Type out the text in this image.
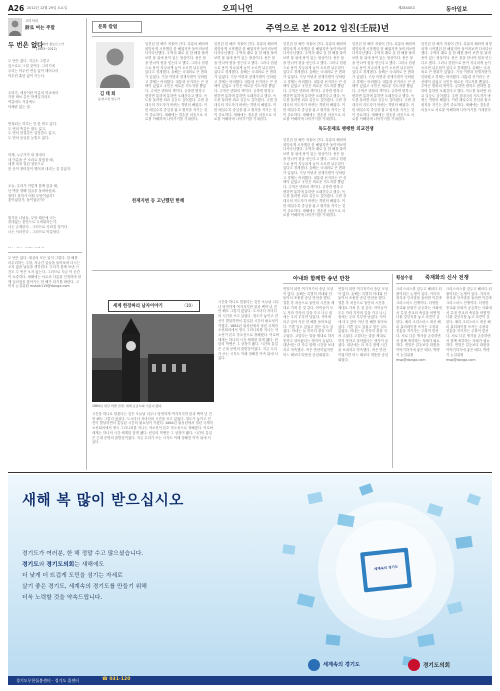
A26 2012년 12월 29일 토요일	오피니언	제28400호	동아일보
고미석의
詩로 여는 주말
두 번은 없다
비스와바 쉼보르스카(1923~2012)

두 번은 없다. 지금도 그렇고
앞으로도 그럴 것이다. 그러기에
우리는 아무런 연습 없이 태어나서
아무런 훈련 없이 죽는다.

우리가, 세상이란 이름의 학교에서
가장 바보 같은 학생일지라도
여름에도 겨울에도
낙제란 없는 법.

반복되는 하루는 단 한 번도 없다.
두 번의 똑같은 밤도 없고,
두 번의 한결같은 입맞춤도 없고,
두 번의 동일한 눈빛도 없다.

어제, 누군가가 내 곁에서
네 이름을 큰 소리로 불렀을 때,
내겐 마치 열린 창문으로
한 송이 장미꽃이 떨어져 내리는 것 같았지.

오늘, 우리가 이렇게 함께 있을 때,
난 벽을 향해 얼굴을 돌려버렸네.
장미? 장미가 어떤 모양이었지?
꽃이었던가, 돌이었던가?

힘겨운 나날들, 무엇 때문에 너는
쓸데없는 불안으로 두려워하는가.
너는 존재한다 - 그러므로 사라질 것이다
너는 사라진다 - 그러므로 아름답다

두 번은 없다. 세상의 모든 일이 그렇다. 한 해를 마무리하는 주말, 지나간 일들을 돌아보며 다시는 오지 않을 날들을 생각한다. 우리가 함께 보낸 시간도 두 번은 오지 않는다. 그러므로 지금 이 순간이 소중하다. 새해에는 서로의 다름을 인정하며 함께 일치점을 찾아가는 한 해가 되기를 바란다. 고미석 논설위원 mskoh119@donga.com
문화 칼럼	주역으로 본 2012 임진(壬辰)년
김 태 희
동양고전 연구가
임진년 한 해가 저물어 간다. 흑룡의 해라며 희망차게 시작했던 한 해였지만 돌이켜보면 다사다난했다. 주역의 괘로 올 한 해를 풀어 보면 물 위에 용이 있는 형상이다. 용은 물을 만나야 힘을 얻는다고 했다. 그러나 한편으로 용이 지나치게 높이 오르면 뉘우침이 있다고 경계했다. 올해는 국내외로 큰 변화가 있었다. 기상 이변과 천재지변이 잇따랐고 경제는 어려웠다. 대통령 선거라는 큰 선택이 있었고 국민은 새로운 지도자를 뽑았다. 주역은 변화의 책이다. 궁하면 변하고 변하면 통하며 통하면 오래간다고 했다. 독도를 둘러싼 외교 갈등도 깊어졌다. 주변 강대국의 지도자가 바뀌는 격변의 해였다. 이런 때일수록 중심을 잡고 원칙을 지키는 것이 중요하다. 새해에는 겸손한 마음으로 서로를 이해하며 나아가기를 기대한다.
천재지변 등 고난했던 한해
임진년 한 해가 저물어 간다. 흑룡의 해라며 희망차게 시작했던 한 해였지만 돌이켜보면 다사다난했다. 주역의 괘로 올 한 해를 풀어 보면 물 위에 용이 있는 형상이다. 용은 물을 만나야 힘을 얻는다고 했다. 그러나 한편으로 용이 지나치게 높이 오르면 뉘우침이 있다고 경계했다. 올해는 국내외로 큰 변화가 있었다. 기상 이변과 천재지변이 잇따랐고 경제는 어려웠다. 대통령 선거라는 큰 선택이 있었고 국민은 새로운 지도자를 뽑았다. 주역은 변화의 책이다. 궁하면 변하고 변하면 통하며 통하면 오래간다고 했다. 독도를 둘러싼 외교 갈등도 깊어졌다. 주변 강대국의 지도자가 바뀌는 격변의 해였다. 이런 때일수록 중심을 잡고 원칙을 지키는 것이 중요하다. 새해에는 겸손한 마음으로 서로를 이해하며 나아가기를 기대한다.
임진년 한 해가 저물어 간다. 흑룡의 해라며 희망차게 시작했던 한 해였지만 돌이켜보면 다사다난했다. 주역의 괘로 올 한 해를 풀어 보면 물 위에 용이 있는 형상이다. 용은 물을 만나야 힘을 얻는다고 했다. 그러나 한편으로 용이 지나치게 높이 오르면 뉘우침이 있다고 경계했다. 올해는 국내외로 큰 변화가 있었다. 기상 이변과 천재지변이 잇따랐고 경제는 어려웠다. 대통령 선거라는 큰 선택이 있었고 국민은 새로운 지도자를 뽑았다. 주역은 변화의 책이다. 궁하면 변하고 변하면 통하며 통하면 오래간다고 했다. 독도를 둘러싼 외교 갈등도 깊어졌다. 주변 강대국의 지도자가 바뀌는 격변의 해였다. 이런 때일수록 중심을 잡고 원칙을 지키는 것이 중요하다. 새해에는 겸손한 마음으로 서로를 이해하며 나아가기를 기대한다.
독도문제로 팽팽한 외교전쟁
임진년 한 해가 저물어 간다. 흑룡의 해라며 희망차게 시작했던 한 해였지만 돌이켜보면 다사다난했다. 주역의 괘로 올 한 해를 풀어 보면 물 위에 용이 있는 형상이다. 용은 물을 만나야 힘을 얻는다고 했다. 그러나 한편으로 용이 지나치게 높이 오르면 뉘우침이 있다고 경계했다. 올해는 국내외로 큰 변화가 있었다. 기상 이변과 천재지변이 잇따랐고 경제는 어려웠다. 대통령 선거라는 큰 선택이 있었고 국민은 새로운 지도자를 뽑았다. 주역은 변화의 책이다. 궁하면 변하고 변하면 통하며 통하면 오래간다고 했다. 독도를 둘러싼 외교 갈등도 깊어졌다. 주변 강대국의 지도자가 바뀌는 격변의 해였다. 이런 때일수록 중심을 잡고 원칙을 지키는 것이 중요하다. 새해에는 겸손한 마음으로 서로를 이해하며 나아가기를 기대한다.
임진년 한 해가 저물어 간다. 흑룡의 해라며 희망차게 시작했던 한 해였지만 돌이켜보면 다사다난했다. 주역의 괘로 올 한 해를 풀어 보면 물 위에 용이 있는 형상이다. 용은 물을 만나야 힘을 얻는다고 했다. 그러나 한편으로 용이 지나치게 높이 오르면 뉘우침이 있다고 경계했다. 올해는 국내외로 큰 변화가 있었다. 기상 이변과 천재지변이 잇따랐고 경제는 어려웠다. 대통령 선거라는 큰 선택이 있었고 국민은 새로운 지도자를 뽑았다. 주역은 변화의 책이다. 궁하면 변하고 변하면 통하며 통하면 오래간다고 했다. 독도를 둘러싼 외교 갈등도 깊어졌다. 주변 강대국의 지도자가 바뀌는 격변의 해였다. 이런 때일수록 중심을 잡고 원칙을 지키는 것이 중요하다. 새해에는 겸손한 마음으로 서로를 이해하며 나아가기를 기대한다.
임진년 한 해가 저물어 간다. 흑룡의 해라며 희망차게 시작했던 한 해였지만 돌이켜보면 다사다난했다. 주역의 괘로 올 한 해를 풀어 보면 물 위에 용이 있는 형상이다. 용은 물을 만나야 힘을 얻는다고 했다. 그러나 한편으로 용이 지나치게 높이 오르면 뉘우침이 있다고 경계했다. 올해는 국내외로 큰 변화가 있었다. 기상 이변과 천재지변이 잇따랐고 경제는 어려웠다. 대통령 선거라는 큰 선택이 있었고 국민은 새로운 지도자를 뽑았다. 주역은 변화의 책이다. 궁하면 변하고 변하면 통하며 통하면 오래간다고 했다. 독도를 둘러싼 외교 갈등도 깊어졌다. 주변 강대국의 지도자가 바뀌는 격변의 해였다. 이런 때일수록 중심을 잡고 원칙을 지키는 것이 중요하다. 새해에는 겸손한 마음으로 서로를 이해하며 나아가기를 기대한다.
아내와 함께한 송년 만찬
연말이 되면 여기저기서 송년 모임이 많다. 올해는 특별히 아내와 단둘이서 조촐한 송년 만찬을 했다. 결혼 후 처음으로 둘만의 시간을 제대로 가져 본 것 같다. 아이들이 모두 자라 각자의 길을 가고 나니 집에는 우리 부부만 남았다. 식탁에 마주 앉아 지난 한 해를 돌아보았다. 기쁜 일도 있었고 힘든 일도 있었다. 아내는 늘 묵묵히 곁을 지켜 주었다. 고맙다는 말을 제대로 하지 못하고 살아왔다는 생각이 들었다. 내년에는 더 자주 함께 시간을 보내자고 약속했다. 작은 만찬이었지만 어느 때보다 따뜻한 송년회였다.
연말이 되면 여기저기서 송년 모임이 많다. 올해는 특별히 아내와 단둘이서 조촐한 송년 만찬을 했다. 결혼 후 처음으로 둘만의 시간을 제대로 가져 본 것 같다. 아이들이 모두 자라 각자의 길을 가고 나니 집에는 우리 부부만 남았다. 식탁에 마주 앉아 지난 한 해를 돌아보았다. 기쁜 일도 있었고 힘든 일도 있었다. 아내는 늘 묵묵히 곁을 지켜 주었다. 고맙다는 말을 제대로 하지 못하고 살아왔다는 생각이 들었다. 내년에는 더 자주 함께 시간을 보내자고 약속했다. 작은 만찬이었지만 어느 때보다 따뜻한 송년회였다.
횡설수설 죽재화의 신사 전쟁
크리스마스를 앞두고 해마다 되풀이되는 논쟁이 있다. 거리의 장식과 인사말을 둘러싼 이른바 크리스마스 전쟁이다. 다양한 종교와 문화가 공존하는 사회에서 특정 종교의 축일을 어떻게 다룰 것인지를 놓고 의견이 갈린다. 메리 크리스마스 대신 해피 홀리데이를 쓰자는 주장과 전통을 지키자는 주장이 맞선다. 서로 다른 생각을 존중하면서 함께 축하하는 지혜가 필요하다. 연말은 갈등보다 화합을 이야기하기에 좋은 때다. 박명식 논설위원 msp@donga.com
크리스마스를 앞두고 해마다 되풀이되는 논쟁이 있다. 거리의 장식과 인사말을 둘러싼 이른바 크리스마스 전쟁이다. 다양한 종교와 문화가 공존하는 사회에서 특정 종교의 축일을 어떻게 다룰 것인지를 놓고 의견이 갈린다. 메리 크리스마스 대신 해피 홀리데이를 쓰자는 주장과 전통을 지키자는 주장이 맞선다. 서로 다른 생각을 존중하면서 함께 축하하는 지혜가 필요하다. 연말은 갈등보다 화합을 이야기하기에 좋은 때다. 박명식 논설위원 msp@donga.com
세계 한장짜리 남자이야기	〈10〉
1884년 런던 빅벤 전경. 세계 표준시의 기준이 됐다.
시간을 하나로 맞춘다는 것은 오늘날 너무나 당연하게 여겨지지만 불과 백여 년 전만 해도 그렇지 않았다. 도시마다 저마다의 시간을 쓰고 있었다. 철도가 놓이고 전신이 발달하면서 통일된 시간의 필요성이 커졌다. 1884년 워싱턴에서 열린 국제자오선회의에서 영국 그리니치를 지나는 자오선이 본초 자오선으로 정해졌다. 이로써 세계는 하나의 시간 체계를 갖게 됐다. 런던의 빅벤은 그 상징이 됐다. 시간의 통일은 근대 문명의 출발점이었다. 지금 우리가 쓰는 시각도 이때 정해진 약속 위에 서 있다.
시간을 하나로 맞춘다는 것은 오늘날 너무나 당연하게 여겨지지만 불과 백여 년 전만 해도 그렇지 않았다. 도시마다 저마다의 시간을 쓰고 있었다. 철도가 놓이고 전신이 발달하면서 통일된 시간의 필요성이 커졌다. 1884년 워싱턴에서 열린 국제자오선회의에서 영국 그리니치를 지나는 자오선이 본초 자오선으로 정해졌다. 이로써 세계는 하나의 시간 체계를 갖게 됐다. 런던의 빅벤은 그 상징이 됐다. 시간의 통일은 근대 문명의 출발점이었다. 지금 우리가 쓰는 시각도 이때 정해진 약속 위에 서 있다.
새해 복 많이 받으십시오
경기도가 여러분, 한 해 정말 수고 많으셨습니다.
경기도와 경기도의회는 새해에도
더 낮게 더 뜨겁게 도민을 섬기는 자세로
살기 좋은 경기도, 세계속의 경기도를 만들기 위해
더욱 노력할 것을 약속드립니다.
세계속의 경기도
세계속의 경기도	경기도의회
경기도무한돌봄센터 · 경기도 콜센터	☎ 031-120
